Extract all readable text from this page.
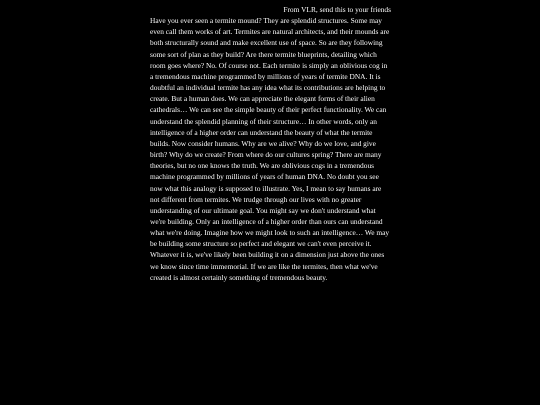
From VLR, send this to your friends

Have you ever seen a termite mound? They are splendid structures. Some may even call them works of art. Termites are natural architects, and their mounds are both structurally sound and make excellent use of space. So are they following some sort of plan as they build? Are there termite blueprints, detailing which room goes where? No. Of course not. Each termite is simply an oblivious cog in a tremendous machine programmed by millions of years of termite DNA. It is doubtful an individual termite has any idea what its contributions are helping to create. But a human does. We can appreciate the elegant forms of their alien cathedrals… We can see the simple beauty of their perfect functionality. We can understand the splendid planning of their structure… In other words, only an intelligence of a higher order can understand the beauty of what the termite builds. Now consider humans. Why are we alive? Why do we love, and give birth? Why do we create? From where do our cultures spring? There are many theories, but no one knows the truth. We are oblivious cogs in a tremendous machine programmed by millions of years of human DNA. No doubt you see now what this analogy is supposed to illustrate. Yes, I mean to say humans are not different from termites. We trudge through our lives with no greater understanding of our ultimate goal. You might say we don't understand what we're building. Only an intelligence of a higher order than ours can understand what we're doing. Imagine how we might look to such an intelligence… We may be building some structure so perfect and elegant we can't even perceive it. Whatever it is, we've likely been building it on a dimension just above the ones we know since time immemorial. If we are like the termites, then what we've created is almost certainly something of tremendous beauty.
